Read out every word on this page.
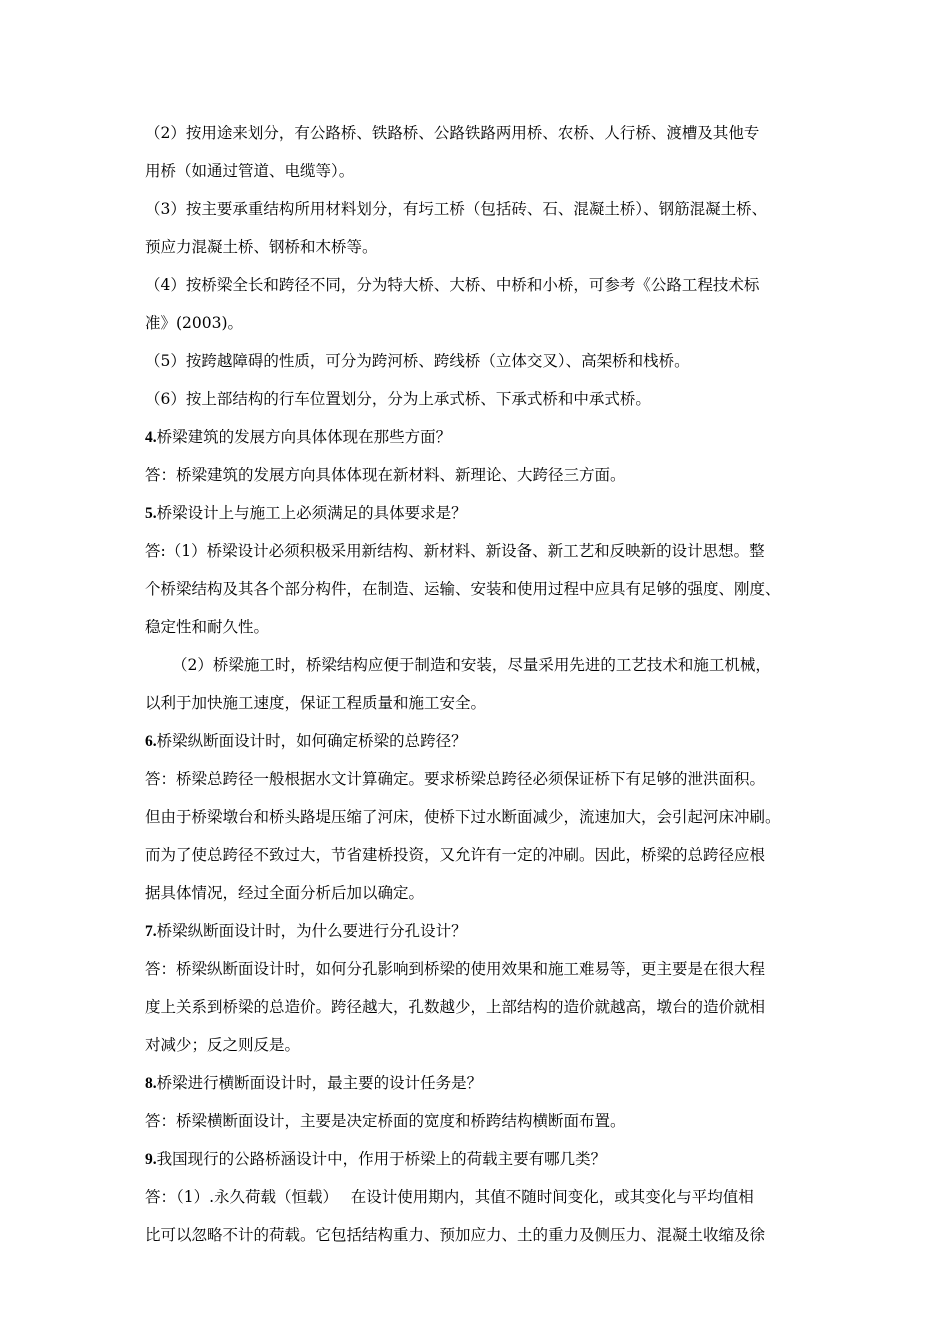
（2）按用途来划分，有公路桥、铁路桥、公路铁路两用桥、农桥、人行桥、渡槽及其他专
用桥（如通过管道、电缆等）。
（3）按主要承重结构所用材料划分，有圬工桥（包括砖、石、混凝土桥）、钢筋混凝土桥、
预应力混凝土桥、钢桥和木桥等。
（4）按桥梁全长和跨径不同，分为特大桥、大桥、中桥和小桥，可参考《公路工程技术标
准》(2003)。
（5）按跨越障碍的性质，可分为跨河桥、跨线桥（立体交叉）、高架桥和栈桥。
（6）按上部结构的行车位置划分，分为上承式桥、下承式桥和中承式桥。
4.桥梁建筑的发展方向具体体现在那些方面？
答：桥梁建筑的发展方向具体体现在新材料、新理论、大跨径三方面。
5.桥梁设计上与施工上必须满足的具体要求是？
答:（1）桥梁设计必须积极采用新结构、新材料、新设备、新工艺和反映新的设计思想。整
个桥梁结构及其各个部分构件，在制造、运输、安装和使用过程中应具有足够的强度、刚度、
稳定性和耐久性。
（2）桥梁施工时，桥梁结构应便于制造和安装，尽量采用先进的工艺技术和施工机械，
以利于加快施工速度，保证工程质量和施工安全。
6.桥梁纵断面设计时，如何确定桥梁的总跨径？
答：桥梁总跨径一般根据水文计算确定。要求桥梁总跨径必须保证桥下有足够的泄洪面积。
但由于桥梁墩台和桥头路堤压缩了河床，使桥下过水断面减少，流速加大，会引起河床冲刷。
而为了使总跨径不致过大，节省建桥投资，又允许有一定的冲刷。因此，桥梁的总跨径应根
据具体情况，经过全面分析后加以确定。
7.桥梁纵断面设计时，为什么要进行分孔设计？
答：桥梁纵断面设计时，如何分孔影响到桥梁的使用效果和施工难易等，更主要是在很大程
度上关系到桥梁的总造价。跨径越大，孔数越少，上部结构的造价就越高，墩台的造价就相
对减少；反之则反是。
8.桥梁进行横断面设计时，最主要的设计任务是？
答：桥梁横断面设计，主要是决定桥面的宽度和桥跨结构横断面布置。
9.我国现行的公路桥涵设计中，作用于桥梁上的荷载主要有哪几类？
答：（1）.永久荷载（恒载）　 在设计使用期内，其值不随时间变化，或其变化与平均值相
比可以忽略不计的荷载。它包括结构重力、预加应力、土的重力及侧压力、混凝土收缩及徐
